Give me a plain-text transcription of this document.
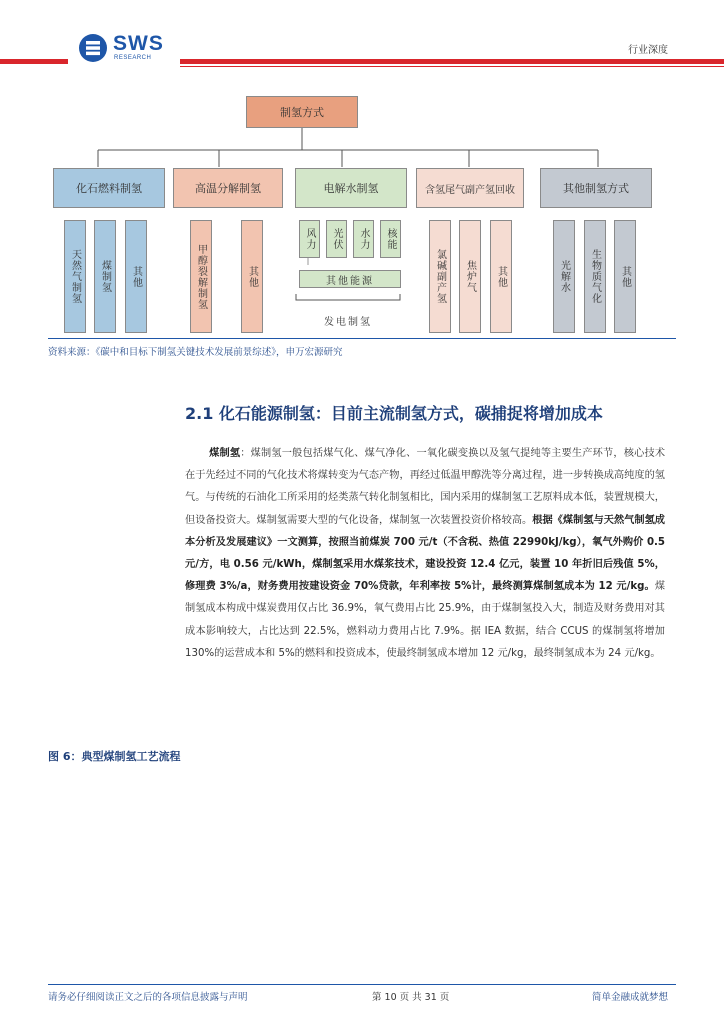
SWS
RESEARCH
行业深度
制氢方式
化石燃料制氢
天然气制氢	煤制氢	其他
高温分解制氢
甲醇裂解制氢	其他
电解水制氢
风力	光伏	水力	核能
其他能源
发电制氢
含氢尾气副产氢回收
氯碱副产氢	焦炉气	其他
其他制氢方式
光解水	生物质气化	其他
资料来源：《碳中和目标下制氢关键技术发展前景综述》，申万宏源研究
2.1 化石能源制氢：目前主流制氢方式，碳捕捉将增加成本
煤制氢：煤制氢一般包括煤气化、煤气净化、一氧化碳变换以及氢气提纯等主要生产环节，核心技术在于先经过不同的气化技术将煤转变为气态产物，再经过低温甲醇洗等分离过程，进一步转换成高纯度的氢气。与传统的石油化工所采用的烃类蒸气转化制氢相比，国内采用的煤制氢工艺原料成本低，装置规模大，但设备投资大。煤制氢需要大型的气化设备，煤制氢一次装置投资价格较高。根据《煤制氢与天然气制氢成本分析及发展建议》一文测算，按照当前煤炭 700 元/t（不含税、热值 22990kJ/kg），氧气外购价 0.5 元/方，电 0.56 元/kWh，煤制氢采用水煤浆技术，建设投资 12.4 亿元，装置 10 年折旧后残值 5%，修理费 3%/a，财务费用按建设资金 70%贷款，年利率按 5%计，最终测算煤制氢成本为 12 元/kg。煤制氢成本构成中煤炭费用仅占比 36.9%，氧气费用占比 25.9%，由于煤制氢投入大，制造及财务费用对其成本影响较大，占比达到 22.5%，燃料动力费用占比 7.9%。据 IEA 数据，结合 CCUS 的煤制氢将增加 130%的运营成本和 5%的燃料和投资成本，使最终制氢成本增加 12 元/kg，最终制氢成本为 24 元/kg。
图 6：典型煤制氢工艺流程
请务必仔细阅读正文之后的各项信息披露与声明	第 10 页 共 31 页	简单金融成就梦想
